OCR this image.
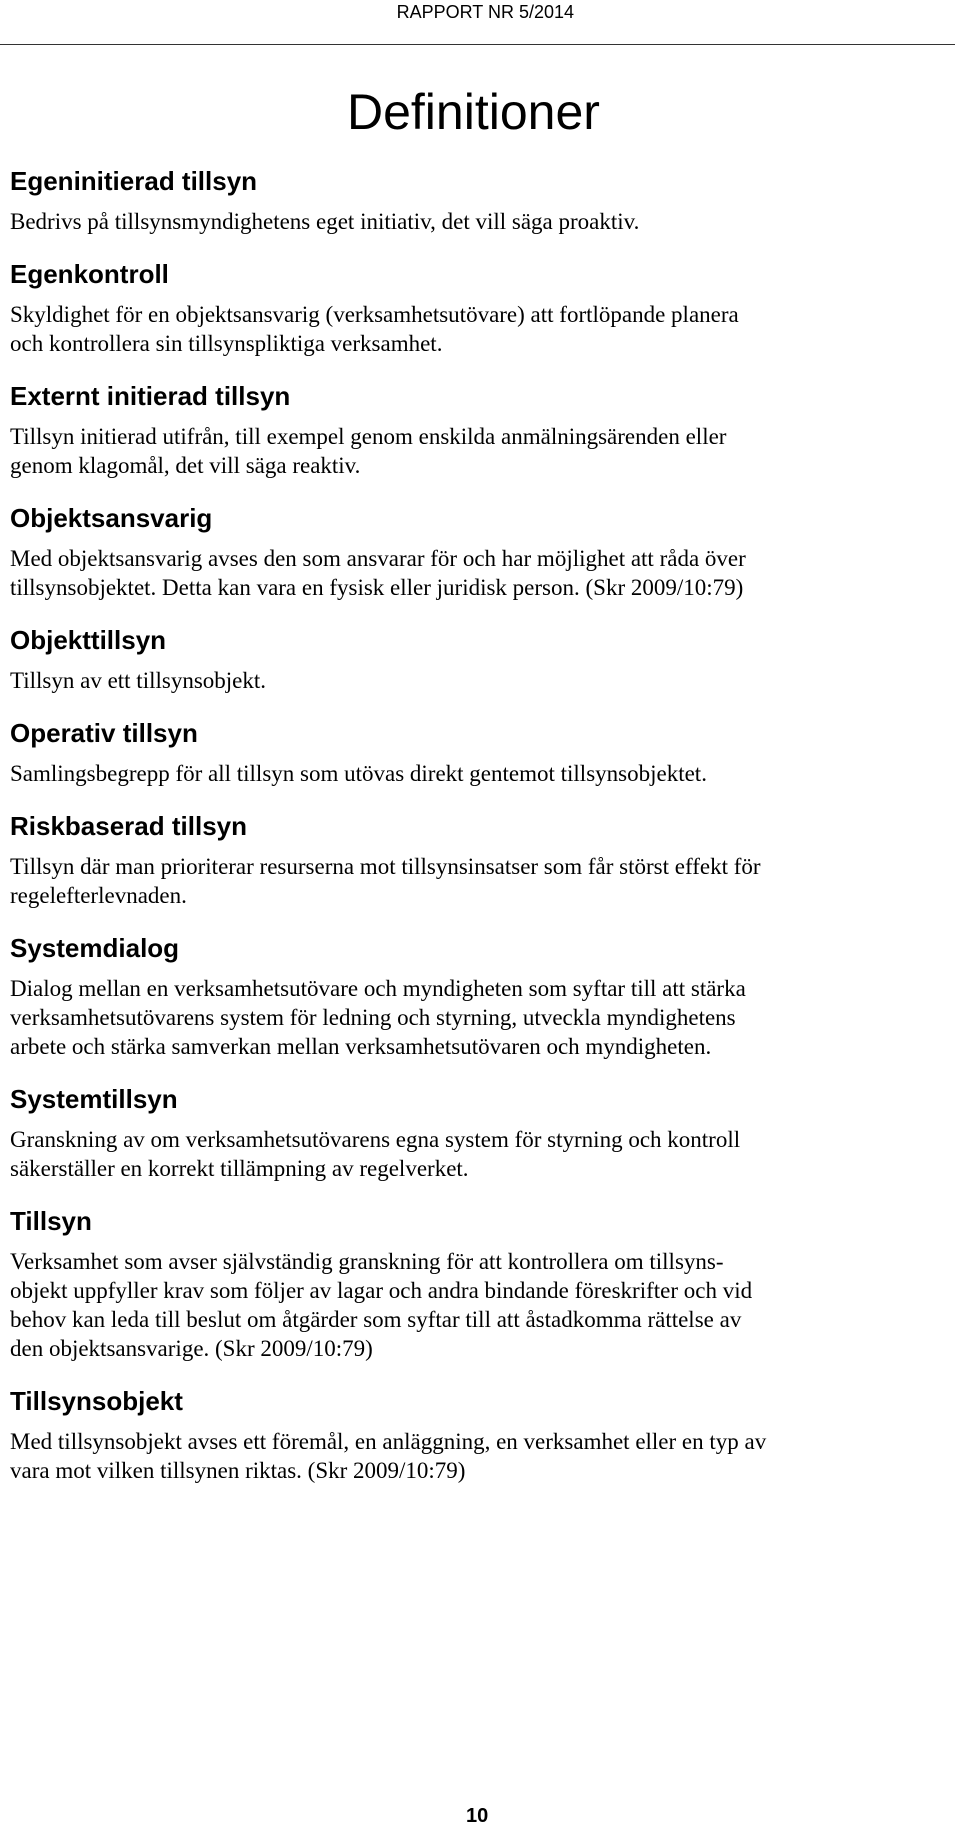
RAPPORT NR 5/2014
Definitioner
Egeninitierad tillsyn

Bedrivs på tillsynsmyndighetens eget initiativ, det vill säga proaktiv.

Egenkontroll

Skyldighet för en objektsansvarig (verksamhetsutövare) att fortlöpande planera
och kontrollera sin tillsynspliktiga verksamhet.

Externt initierad tillsyn

Tillsyn initierad utifrån, till exempel genom enskilda anmälningsärenden eller
genom klagomål, det vill säga reaktiv.

Objektsansvarig

Med objektsansvarig avses den som ansvarar för och har möjlighet att råda över
tillsynsobjektet. Detta kan vara en fysisk eller juridisk person. (Skr 2009/10:79)

Objekttillsyn

Tillsyn av ett tillsynsobjekt.

Operativ tillsyn

Samlingsbegrepp för all tillsyn som utövas direkt gentemot tillsynsobjektet.

Riskbaserad tillsyn

Tillsyn där man prioriterar resurserna mot tillsynsinsatser som får störst effekt för
regelefterlevnaden.

Systemdialog

Dialog mellan en verksamhetsutövare och myndigheten som syftar till att stärka
verksamhetsutövarens system för ledning och styrning, utveckla myndighetens
arbete och stärka samverkan mellan verksamhetsutövaren och myndigheten.

Systemtillsyn

Granskning av om verksamhetsutövarens egna system för styrning och kontroll
säkerställer en korrekt tillämpning av regelverket.

Tillsyn

Verksamhet som avser självständig granskning för att kontrollera om tillsyns-
objekt uppfyller krav som följer av lagar och andra bindande föreskrifter och vid
behov kan leda till beslut om åtgärder som syftar till att åstadkomma rättelse av
den objektsansvarige. (Skr 2009/10:79)

Tillsynsobjekt

Med tillsynsobjekt avses ett föremål, en anläggning, en verksamhet eller en typ av
vara mot vilken tillsynen riktas. (Skr 2009/10:79)

10
